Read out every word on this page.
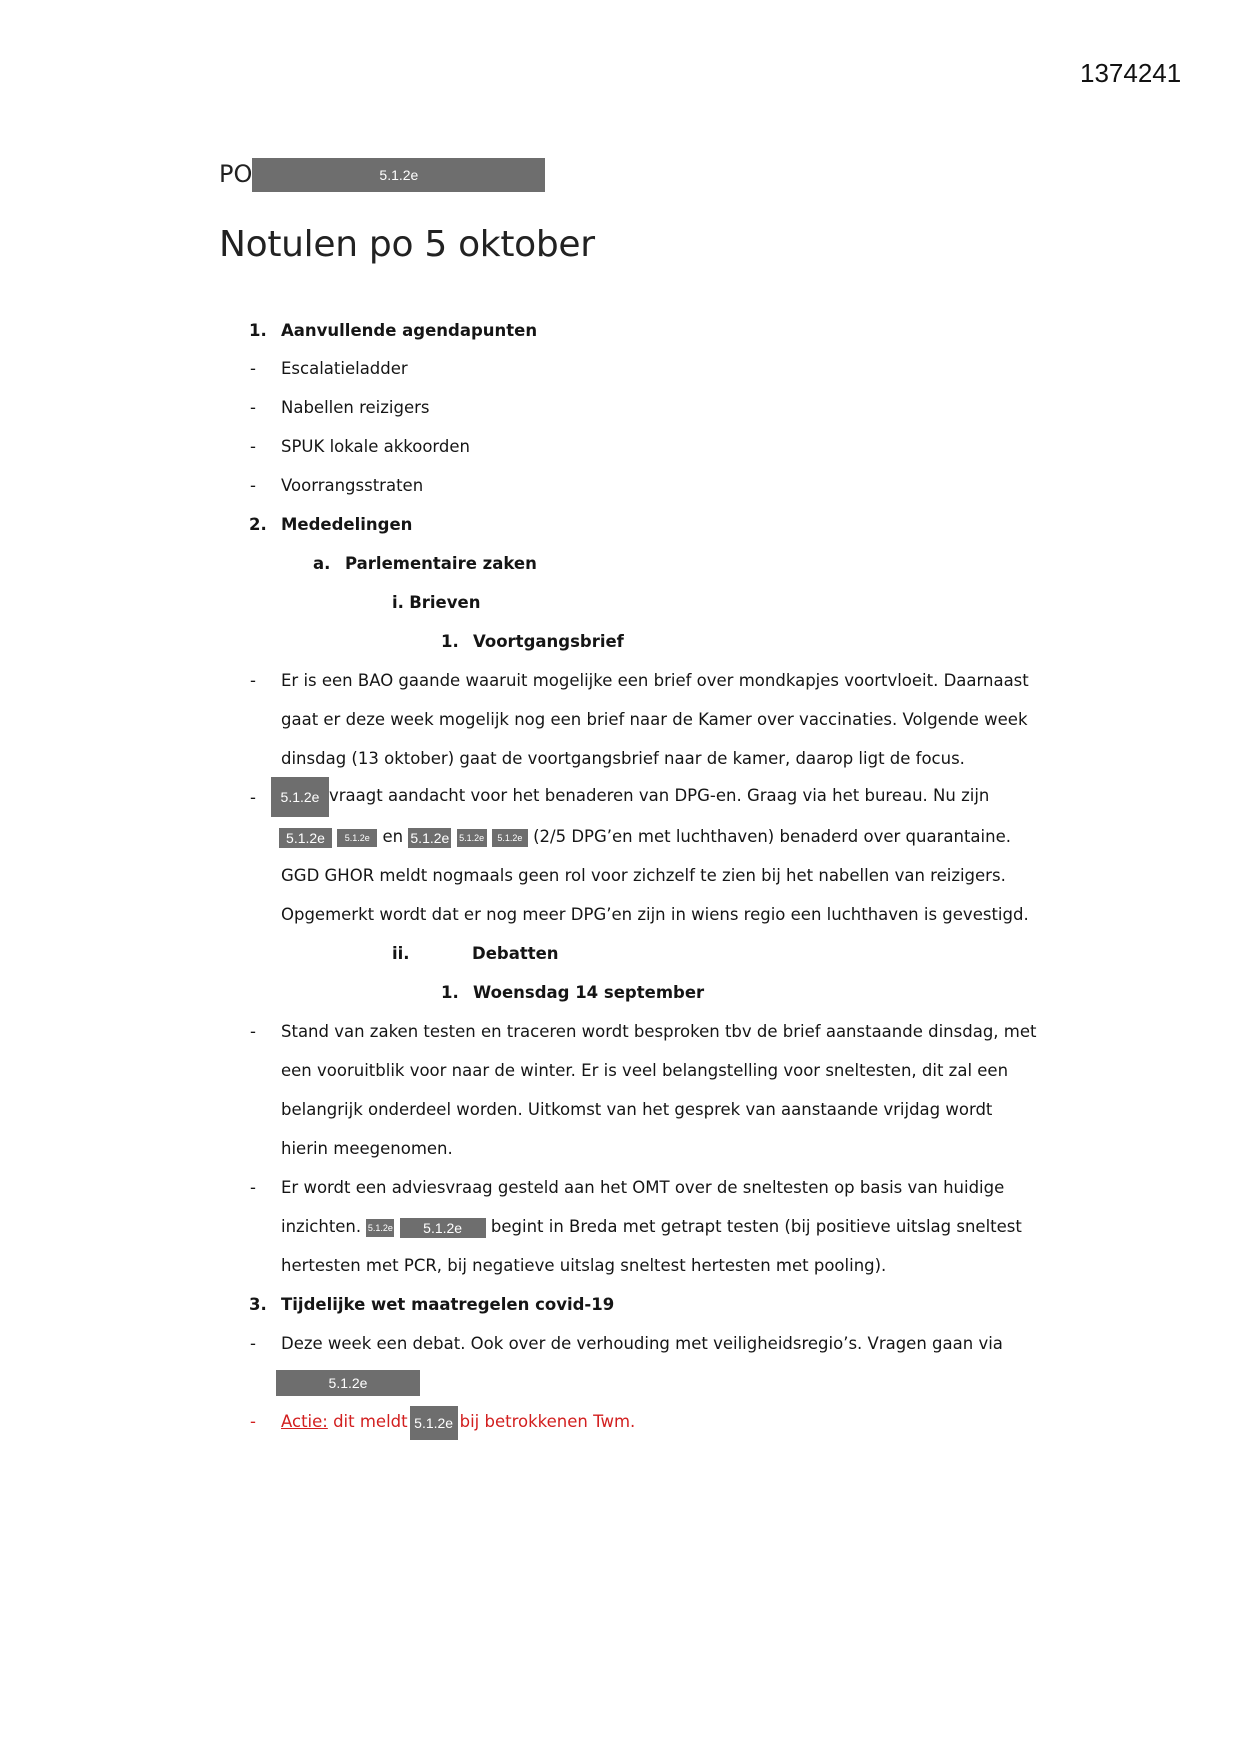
1374241
PO	5.1.2e
Notulen po 5 oktober
1. Aanvullende agendapunten
- Escalatieladder
- Nabellen reizigers
- SPUK lokale akkoorden
- Voorrangsstraten
2. Mededelingen
a. Parlementaire zaken
i. Brieven
1. Voortgangsbrief
- Er is een BAO gaande waaruit mogelijke een brief over mondkapjes voortvloeit. Daarnaast
gaat er deze week mogelijk nog een brief naar de Kamer over vaccinaties. Volgende week
dinsdag (13 oktober) gaat de voortgangsbrief naar de kamer, daarop ligt de focus.
-	5.1.2e vraagt aandacht voor het benaderen van DPG-en. Graag via het bureau. Nu zijn
5.1.2e 5.1.2e en 5.1.2e 5.1.2e 5.1.2e (2/5 DPG’en met luchthaven) benaderd over quarantaine.
GGD GHOR meldt nogmaals geen rol voor zichzelf te zien bij het nabellen van reizigers.
Opgemerkt wordt dat er nog meer DPG’en zijn in wiens regio een luchthaven is gevestigd.
ii.	Debatten
1. Woensdag 14 september
- Stand van zaken testen en traceren wordt besproken tbv de brief aanstaande dinsdag, met
een vooruitblik voor naar de winter. Er is veel belangstelling voor sneltesten, dit zal een
belangrijk onderdeel worden. Uitkomst van het gesprek van aanstaande vrijdag wordt
hierin meegenomen.
- Er wordt een adviesvraag gesteld aan het OMT over de sneltesten op basis van huidige
inzichten. 5.1.2e 5.1.2e begint in Breda met getrapt testen (bij positieve uitslag sneltest
hertesten met PCR, bij negatieve uitslag sneltest hertesten met pooling).
3. Tijdelijke wet maatregelen covid-19
- Deze week een debat. Ook over de verhouding met veiligheidsregio’s. Vragen gaan via
5.1.2e
- Actie: dit meldt 5.1.2e bij betrokkenen Twm.
